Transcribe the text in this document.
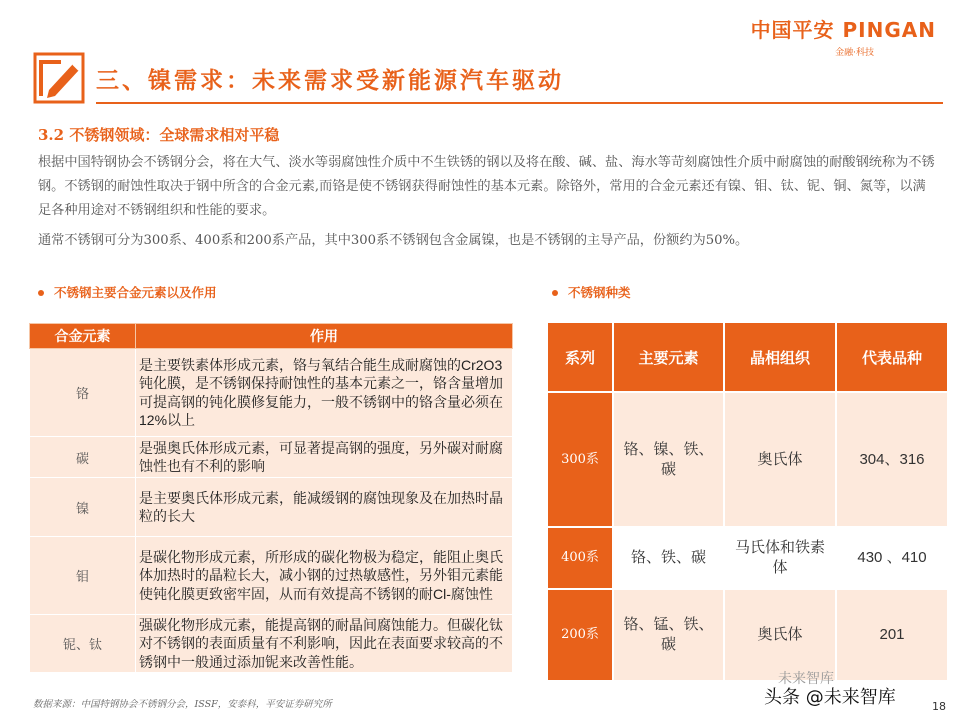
中国平安 PINGAN
金融·科技
三、镍需求：未来需求受新能源汽车驱动
3.2 不锈钢领域：全球需求相对平稳
根据中国特钢协会不锈钢分会，将在大气、淡水等弱腐蚀性介质中不生铁锈的钢以及将在酸、碱、盐、海水等苛刻腐蚀性介质中耐腐蚀的耐酸钢统称为不锈钢。不锈钢的耐蚀性取决于钢中所含的合金元素,而铬是使不锈钢获得耐蚀性的基本元素。除铬外，常用的合金元素还有镍、钼、钛、铌、铜、氮等，以满足各种用途对不锈钢组织和性能的要求。
通常不锈钢可分为300系、400系和200系产品，其中300系不锈钢包含金属镍，也是不锈钢的主导产品，份额约为50%。
不锈钢主要合金元素以及作用	不锈钢种类
合金元素	作用
铬	是主要铁素体形成元素，铬与氧结合能生成耐腐蚀的Cr2O3钝化膜，是不锈钢保持耐蚀性的基本元素之一，铬含量增加可提高钢的钝化膜修复能力，一般不锈钢中的铬含量必须在12%以上
碳	是强奥氏体形成元素，可显著提高钢的强度，另外碳对耐腐蚀性也有不利的影响
镍	是主要奥氏体形成元素，能减缓钢的腐蚀现象及在加热时晶粒的长大
钼	是碳化物形成元素，所形成的碳化物极为稳定，能阻止奥氏体加热时的晶粒长大，减小钢的过热敏感性，另外钼元素能使钝化膜更致密牢固，从而有效提高不锈钢的耐Cl-腐蚀性
铌、钛	强碳化物形成元素，能提高钢的耐晶间腐蚀能力。但碳化钛对不锈钢的表面质量有不利影响，因此在表面要求较高的不锈钢中一般通过添加铌来改善性能。
系列	主要元素	晶相组织	代表品种
300系	铬、镍、铁、碳	奥氏体	304、316
400系	铬、铁、碳	马氏体和铁素体	430 、410
200系	铬、锰、铁、碳	奥氏体	201
数据来源：中国特钢协会不锈钢分会，ISSF，安泰科，平安证券研究所
未来智库
头条 @未来智库	18
